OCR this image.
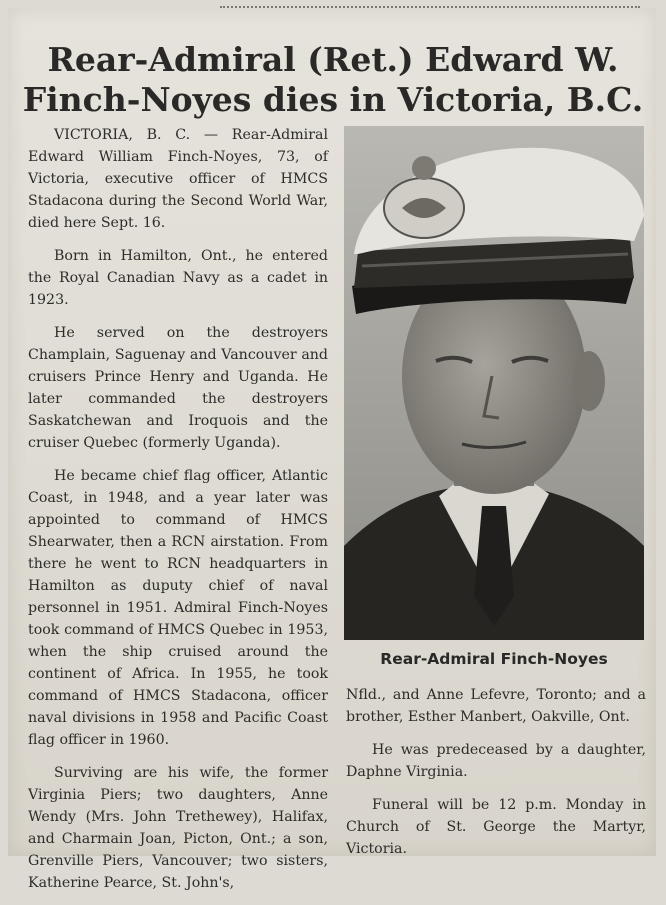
Rear-Admiral (Ret.) Edward W.
Finch-Noyes dies in Victoria, B.C.

VICTORIA, B. C. — Rear-Admiral Edward William Finch-Noyes, 73, of Victoria, executive officer of HMCS Stadacona during the Second World War, died here Sept. 16.

Born in Hamilton, Ont., he entered the Royal Canadian Navy as a cadet in 1923.

He served on the destroyers Champlain, Saguenay and Vancouver and cruisers Prince Henry and Uganda. He later commanded the destroyers Saskatchewan and Iroquois and the cruiser Quebec (formerly Uganda).

He became chief flag officer, Atlantic Coast, in 1948, and a year later was appointed to command of HMCS Shearwater, then a RCN airstation. From there he went to RCN headquarters in Hamilton as duputy chief of naval personnel in 1951. Admiral Finch-Noyes took command of HMCS Quebec in 1953, when the ship cruised around the continent of Africa. In 1955, he took command of HMCS Stadacona, officer naval divisions in 1958 and Pacific Coast flag officer in 1960.

Surviving are his wife, the former Virginia Piers; two daughters, Anne Wendy (Mrs. John Trethewey), Halifax, and Charmain Joan, Picton, Ont.; a son, Grenville Piers, Vancouver; two sisters, Katherine Pearce, St. John's,

Rear-Admiral Finch-Noyes

Nfld., and Anne Lefevre, Toronto; and a brother, Esther Manbert, Oakville, Ont.

He was predeceased by a daughter, Daphne Virginia.

Funeral will be 12 p.m. Monday in Church of St. George the Martyr, Victoria.
